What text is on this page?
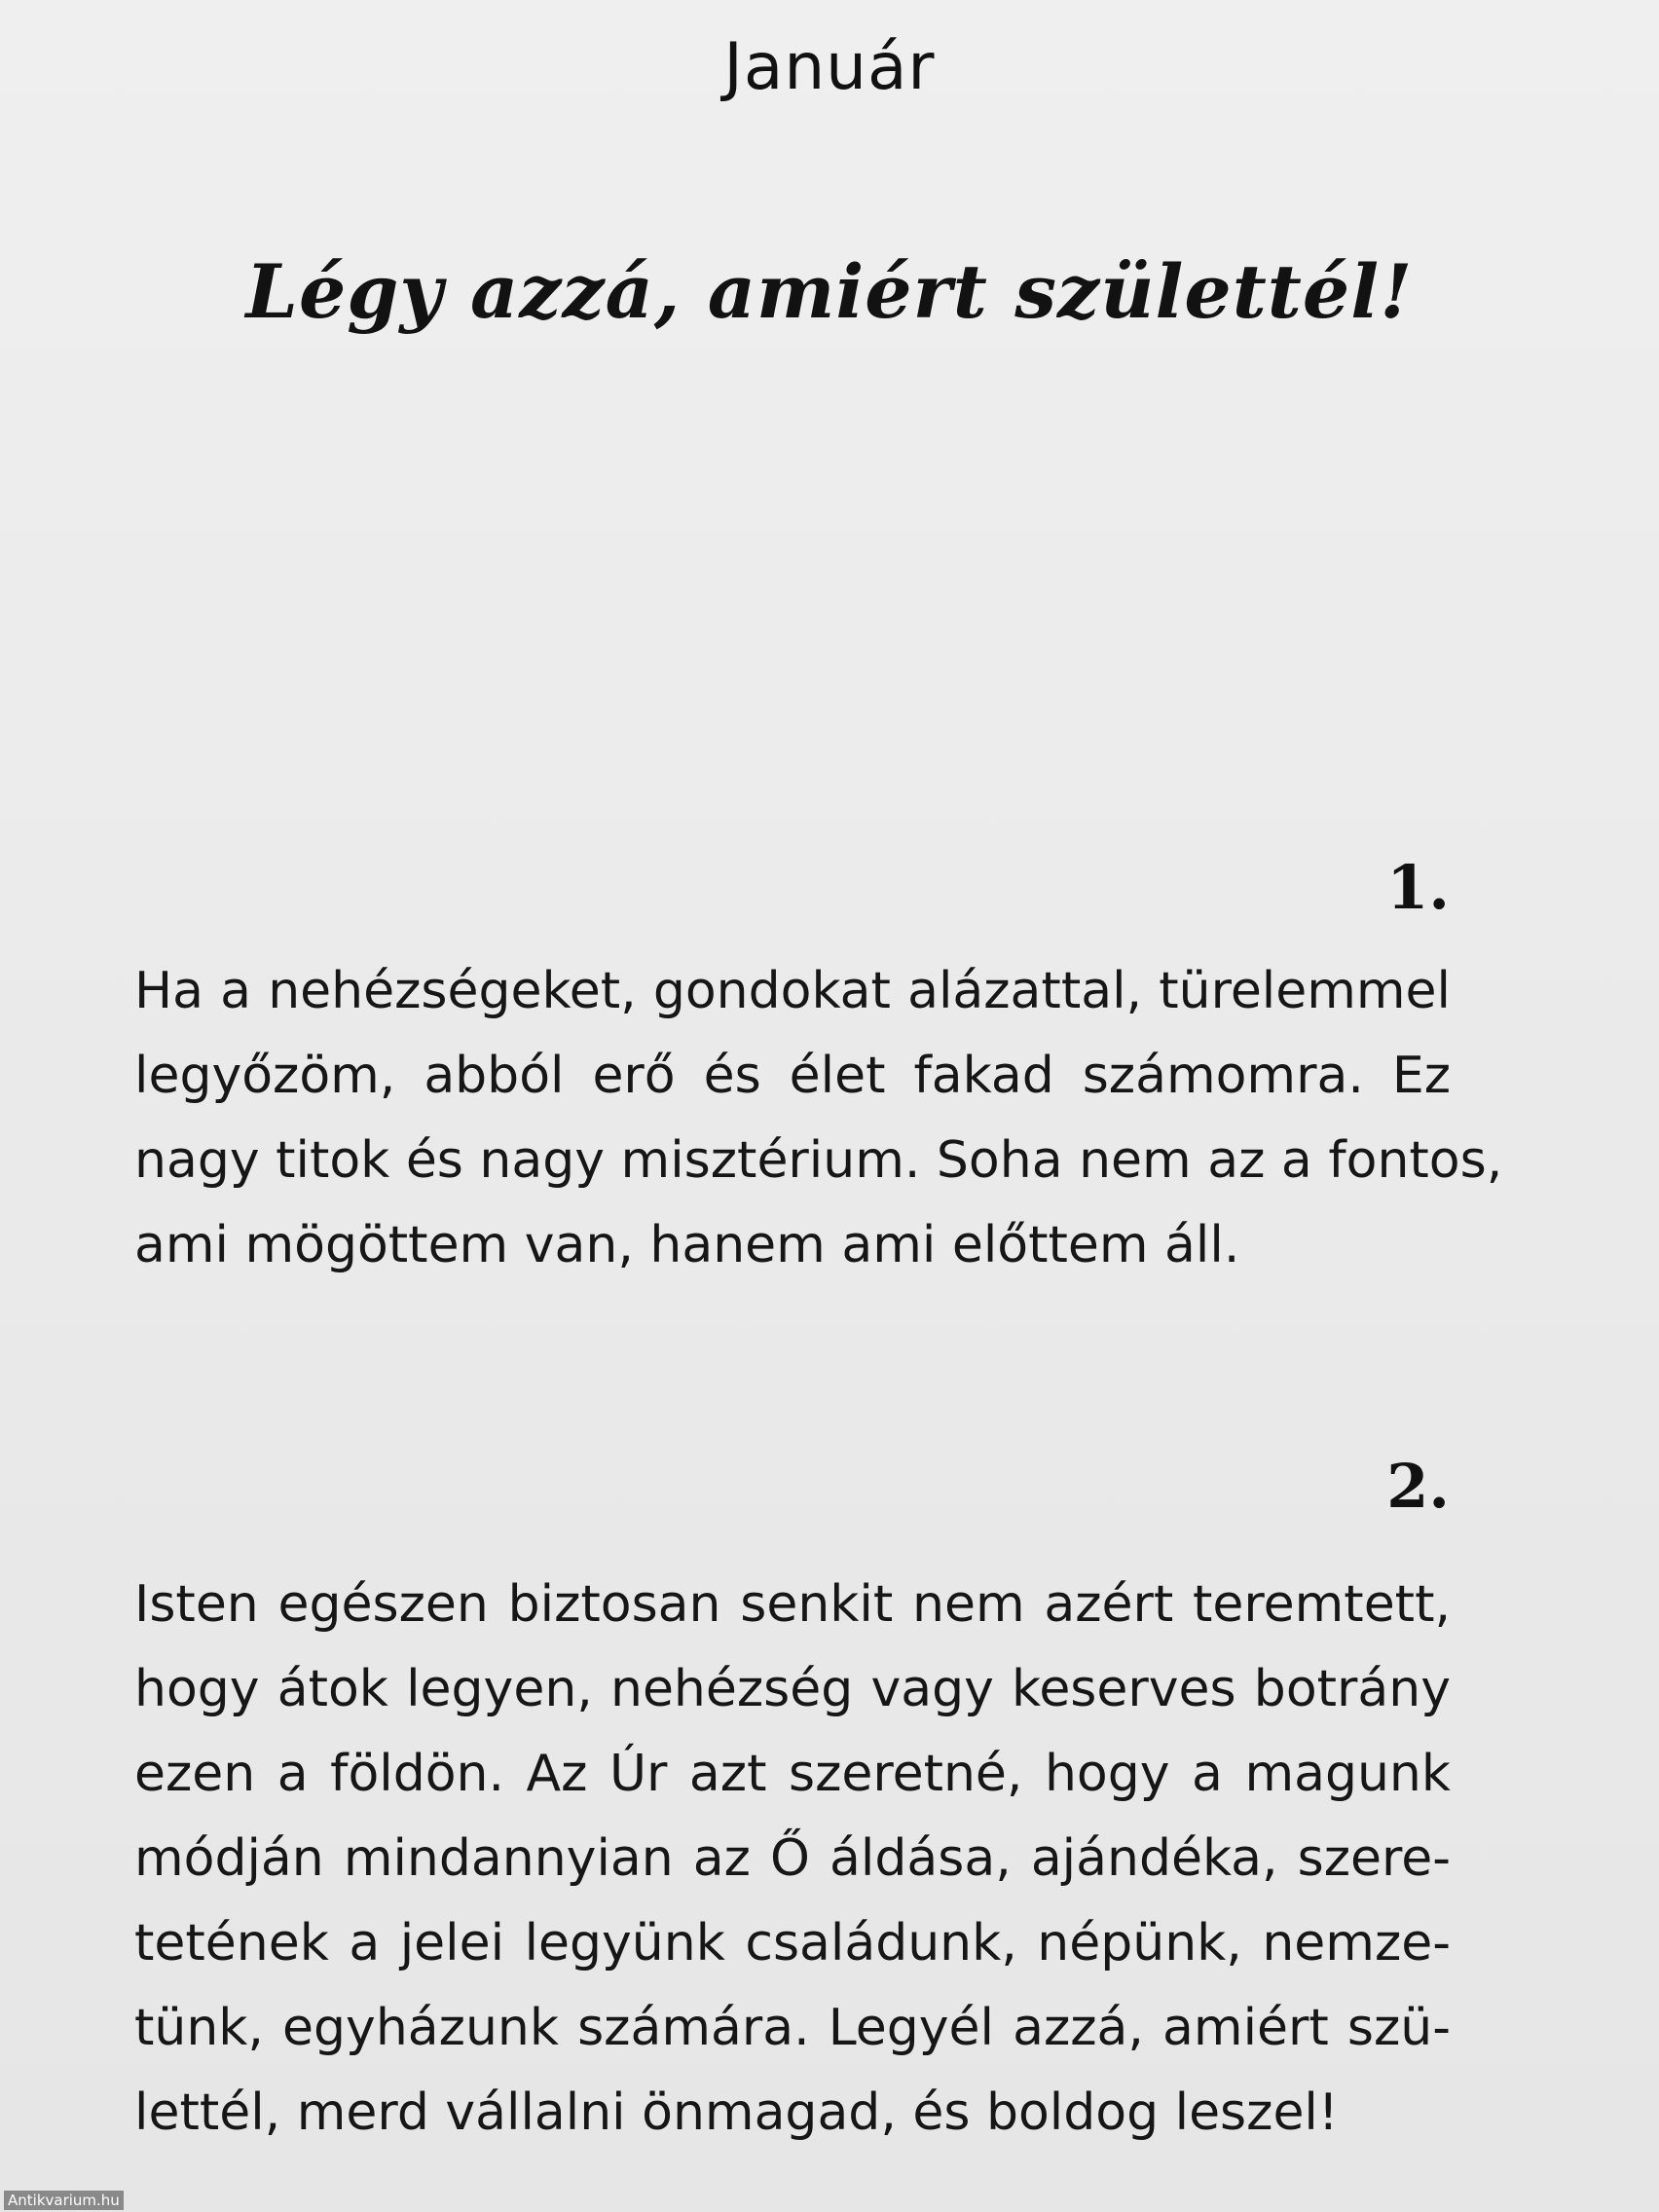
Január
Légy azzá, amiért születtél!
1.
Ha a nehézségeket, gondokat alázattal, türelemmel
legyőzöm, abból erő és élet fakad számomra. Ez
nagy titok és nagy misztérium. Soha nem az a fontos,
ami mögöttem van, hanem ami előttem áll.
2.
Isten egészen biztosan senkit nem azért teremtett,
hogy átok legyen, nehézség vagy keserves botrány
ezen a földön. Az Úr azt szeretné, hogy a magunk
módján mindannyian az Ő áldása, ajándéka, szere-
tetének a jelei legyünk családunk, népünk, nemze-
tünk, egyházunk számára. Legyél azzá, amiért szü-
lettél, merd vállalni önmagad, és boldog leszel!
Antikvarium.hu
